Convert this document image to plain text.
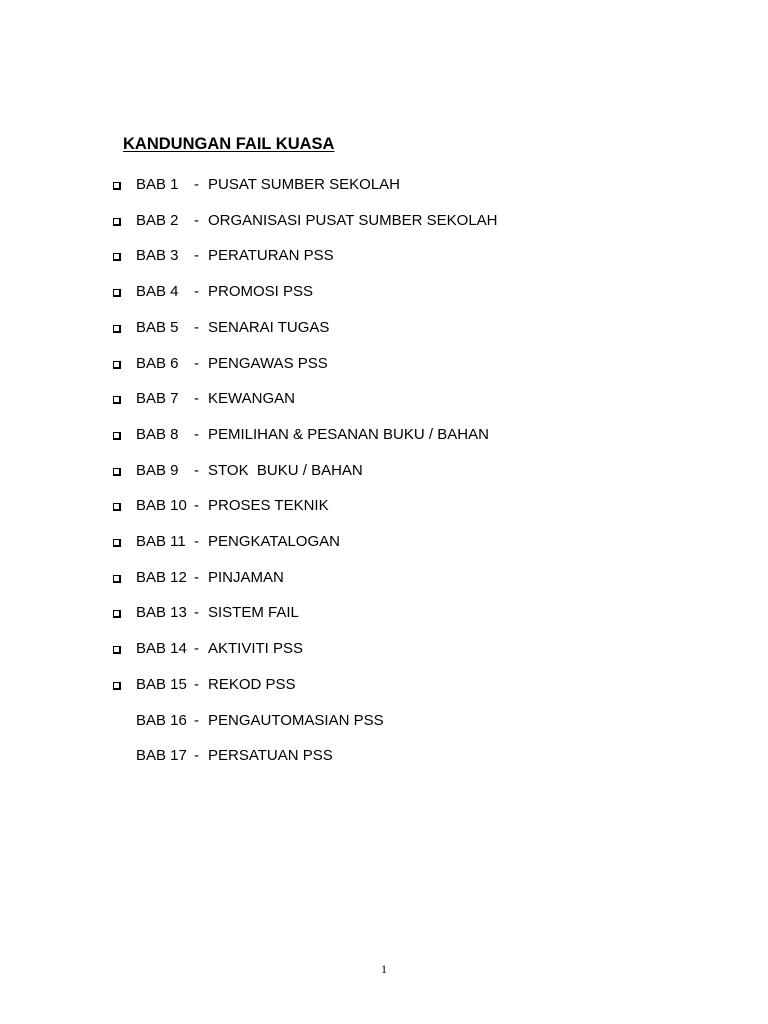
KANDUNGAN FAIL KUASA
BAB 1 - PUSAT SUMBER SEKOLAH
BAB 2 - ORGANISASI PUSAT SUMBER SEKOLAH
BAB 3 - PERATURAN PSS
BAB 4 - PROMOSI PSS
BAB 5 - SENARAI TUGAS
BAB 6 - PENGAWAS PSS
BAB 7 - KEWANGAN
BAB 8 - PEMILIHAN & PESANAN BUKU / BAHAN
BAB 9 - STOK  BUKU / BAHAN
BAB 10 - PROSES TEKNIK
BAB 11 - PENGKATALOGAN
BAB 12 - PINJAMAN
BAB 13 - SISTEM FAIL
BAB 14 - AKTIVITI PSS
BAB 15 - REKOD PSS
BAB 16 - PENGAUTOMASIAN PSS
BAB 17 - PERSATUAN PSS
1
